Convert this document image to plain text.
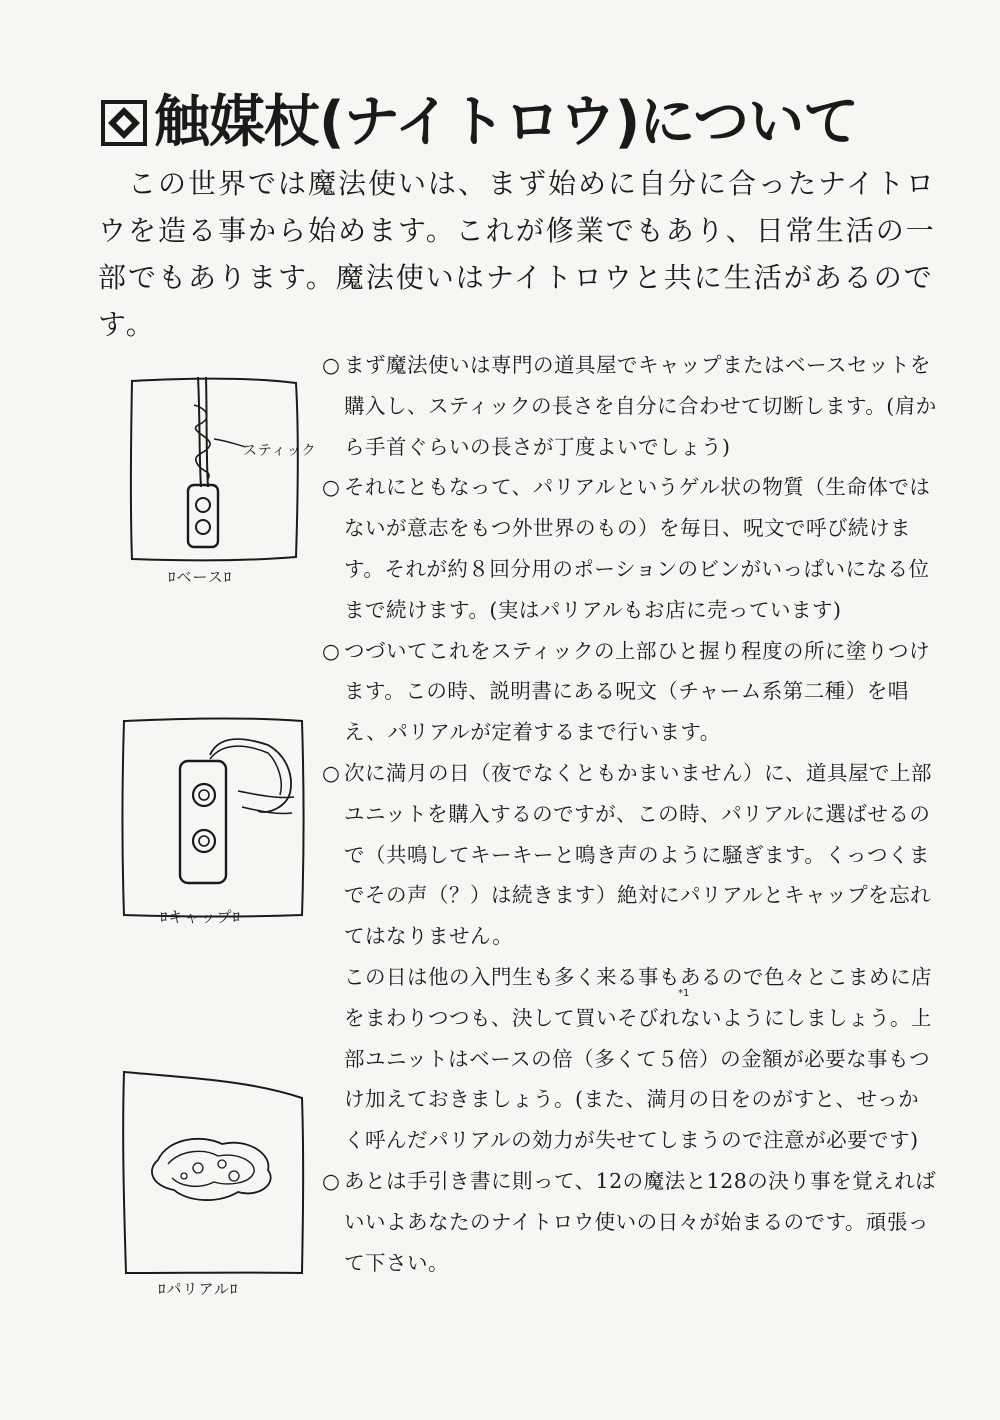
触媒杖(ナイトロウ)について
この世界では魔法使いは、まず始めに自分に合ったナイトロウを造る事から始めます。これが修業でもあり、日常生活の一部でもあります。魔法使いはナイトロウと共に生活があるのです。
スティック
ﾛベースﾛ
ﾛキャップﾛ
ﾛパリアルﾛ
○ まず魔法使いは専門の道具屋でキャップまたはベースセットを購入し、スティックの長さを自分に合わせて切断します。(肩から手首ぐらいの長さが丁度よいでしょう)
○ それにともなって、パリアルというゲル状の物質（生命体ではないが意志をもつ外世界のもの）を毎日、呪文で呼び続けます。それが約８回分用のポーションのビンがいっぱいになる位まで続けます。(実はパリアルもお店に売っています)
○ つづいてこれをスティックの上部ひと握り程度の所に塗りつけます。この時、説明書にある呪文（チャーム系第二種）を唱え、パリアルが定着するまで行います。
○ 次に満月の日（夜でなくともかまいません）に、道具屋で上部ユニットを購入するのですが、この時、パリアルに選ばせるので（共鳴してキーキーと鳴き声のように騒ぎます。くっつくまでその声（？）は続きます）絶対にパリアルとキャップを忘れてはなりません。
この日は他の入門生も多く来る事もあるので色々とこまめに店をまわりつつも、決して買いそびれないようにしましょう。上部ユニットはベースの倍（多くて５倍）の金額が必要な事もつけ加えておきましょう。(また、満月の日をのがすと、せっかく呼んだパリアルの効力が失せてしまうので注意が必要です)
○ あとは手引き書に則って、12の魔法と128の決り事を覚えればいいよあなたのナイトロウ使いの日々が始まるのです。頑張って下さい。
*1
